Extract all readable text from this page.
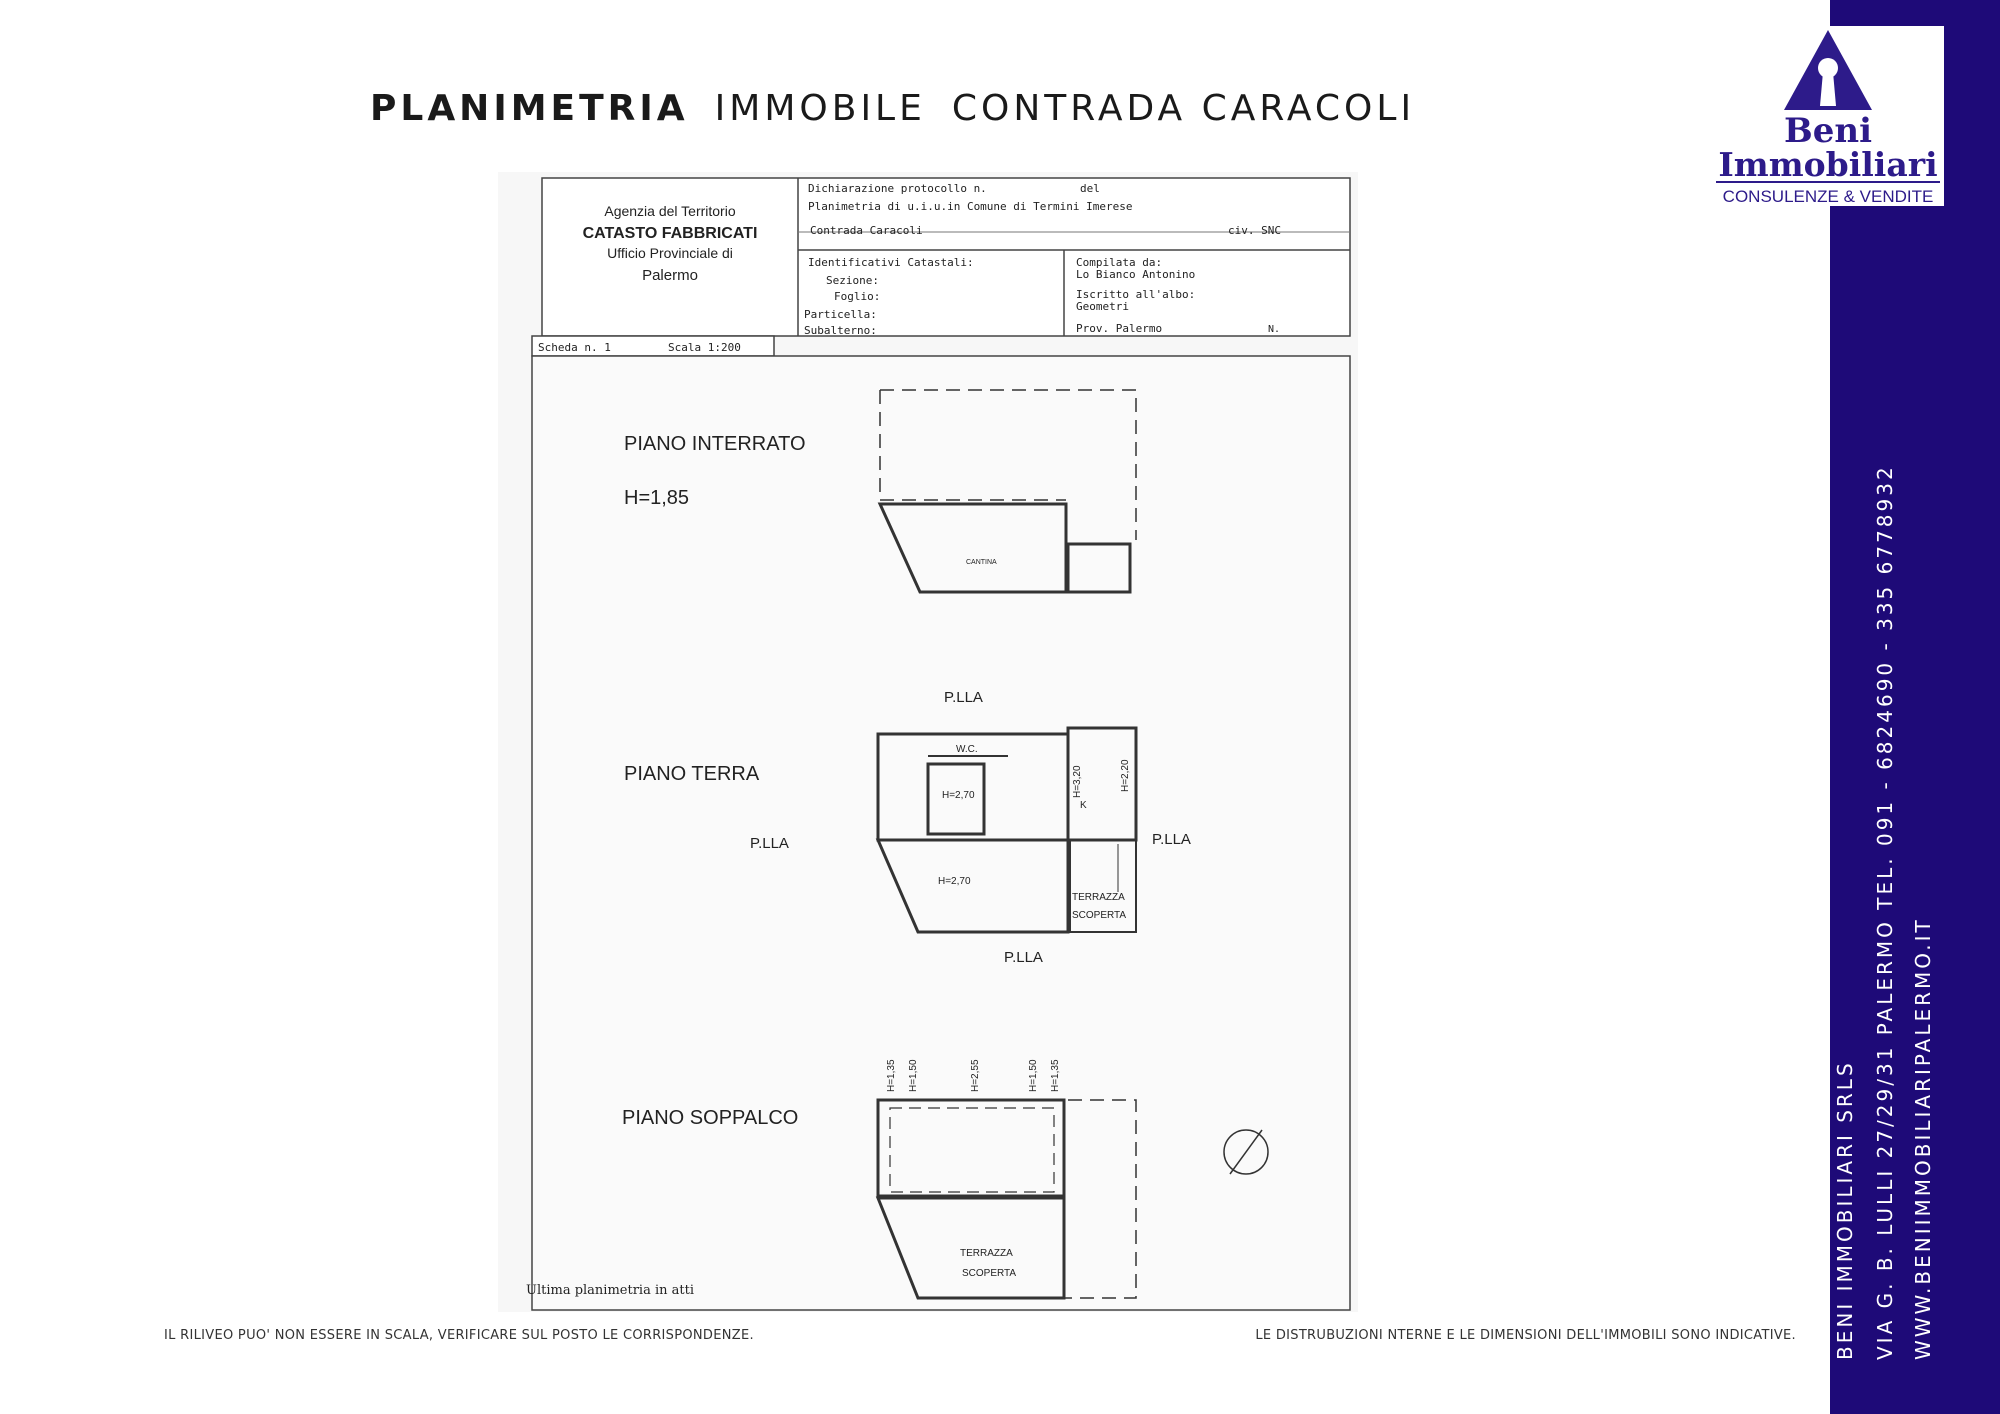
PLANIMETRIA IMMOBILE CONTRADA CARACOLI
Beni
Immobiliari
CONSULENZE & VENDITE
BENI IMMOBILIARI SRLS VIA G. B. LULLI 27/29/31 PALERMO TEL. 091 - 6824690 - 335 6778932 WWW.BENIIMMOBILIARIPALERMO.IT
IL RILIVEO PUO' NON ESSERE IN SCALA, VERIFICARE SUL POSTO LE CORRISPONDENZE.	LE DISTRUBUZIONI NTERNE E LE DIMENSIONI DELL'IMMOBILI SONO INDICATIVE.
Agenzia del Territorio
CATASTO FABBRICATI
Ufficio Provinciale di
Palermo
Dichiarazione protocollo n.	del
Planimetria di u.i.u.in Comune di Termini Imerese
Contrada Caracoli	civ. SNC
Identificativi Catastali:
Sezione:
Foglio:
Particella:
Subalterno:
Compilata da:
Lo Bianco Antonino
Iscritto all'albo:
Geometri
Prov. Palermo	N.
Scheda n. 1	Scala 1:200
PIANO INTERRATO
H=1,85
CANTINA
P.LLA
PIANO TERRA
P.LLA	P.LLA
P.LLA
W.C.
H=2,70
H=2,70
H=3,20	H=2,20
K
TERRAZZA
SCOPERTA
PIANO SOPPALCO
H=1,35 H=1,50	H=2,55	H=1,50 H=1,35
TERRAZZA
SCOPERTA
Ultima planimetria in atti
